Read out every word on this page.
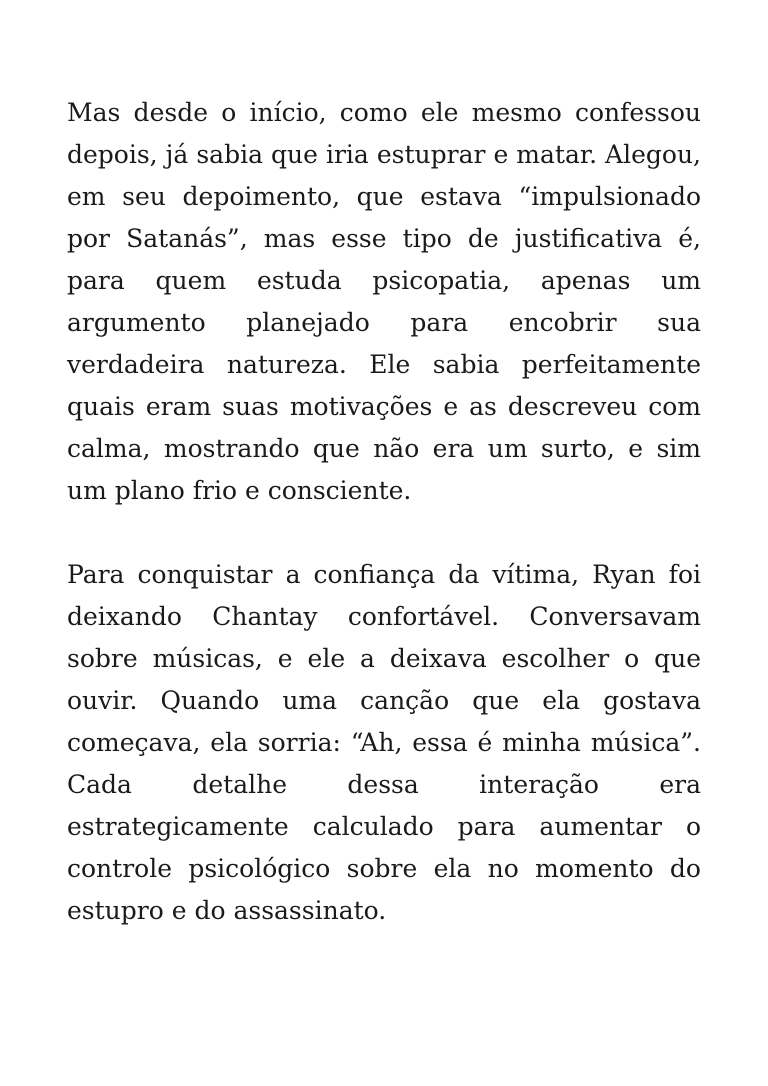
Mas desde o início, como ele mesmo confessou depois, já sabia que iria estuprar e matar. Alegou, em seu depoimento, que estava “impulsionado por Satanás”, mas esse tipo de justificativa é, para quem estuda psicopatia, apenas um argumento planejado para encobrir sua verdadeira natureza. Ele sabia perfeitamente quais eram suas motivações e as descreveu com calma, mostrando que não era um surto, e sim um plano frio e consciente.

Para conquistar a confiança da vítima, Ryan foi deixando Chantay confortável. Conversavam sobre músicas, e ele a deixava escolher o que ouvir. Quando uma canção que ela gostava começava, ela sorria: “Ah, essa é minha música”. Cada detalhe dessa interação era estrategicamente calculado para aumentar o controle psicológico sobre ela no momento do estupro e do assassinato.
